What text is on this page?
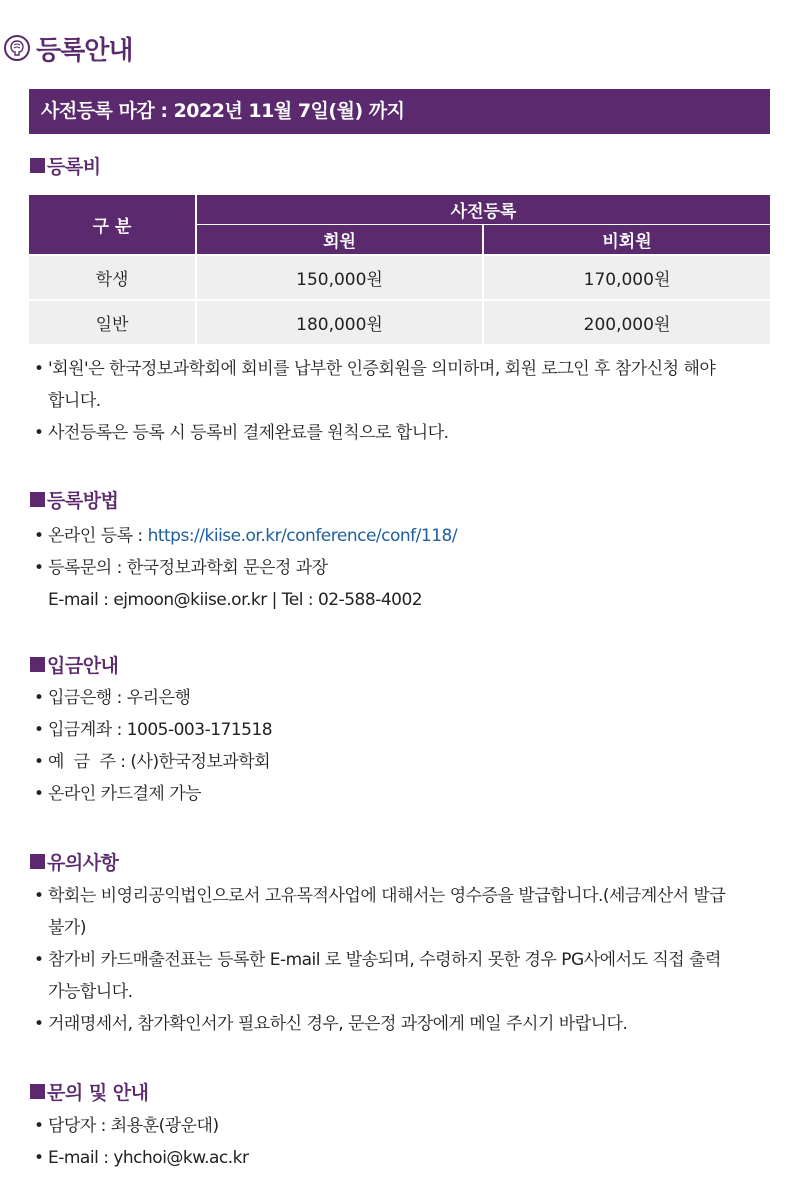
등록안내
사전등록 마감 : 2022년 11월 7일(월) 까지
등록비
구 분	사전등록	
	회원	비회원
학생	150,000원	170,000원
일반	180,000원	200,000원
• '회원'은 한국정보과학회에 회비를 납부한 인증회원을 의미하며, 회원 로그인 후 참가신청 해야
합니다.
• 사전등록은 등록 시 등록비 결제완료를 원칙으로 합니다.
등록방법
• 온라인 등록 : https://kiise.or.kr/conference/conf/118/
• 등록문의 : 한국정보과학회 문은정 과장
E-mail : ejmoon@kiise.or.kr | Tel : 02-588-4002
입금안내
• 입금은행 : 우리은행
• 입금계좌 : 1005-003-171518
• 예  금  주 : (사)한국정보과학회
• 온라인 카드결제 가능
유의사항
• 학회는 비영리공익법인으로서 고유목적사업에 대해서는 영수증을 발급합니다.(세금계산서 발급
불가)
• 참가비 카드매출전표는 등록한 E-mail 로 발송되며, 수령하지 못한 경우 PG사에서도 직접 출력
가능합니다.
• 거래명세서, 참가확인서가 필요하신 경우, 문은정 과장에게 메일 주시기 바랍니다.
문의 및 안내
• 담당자 : 최용훈(광운대)
• E-mail : yhchoi@kw.ac.kr
